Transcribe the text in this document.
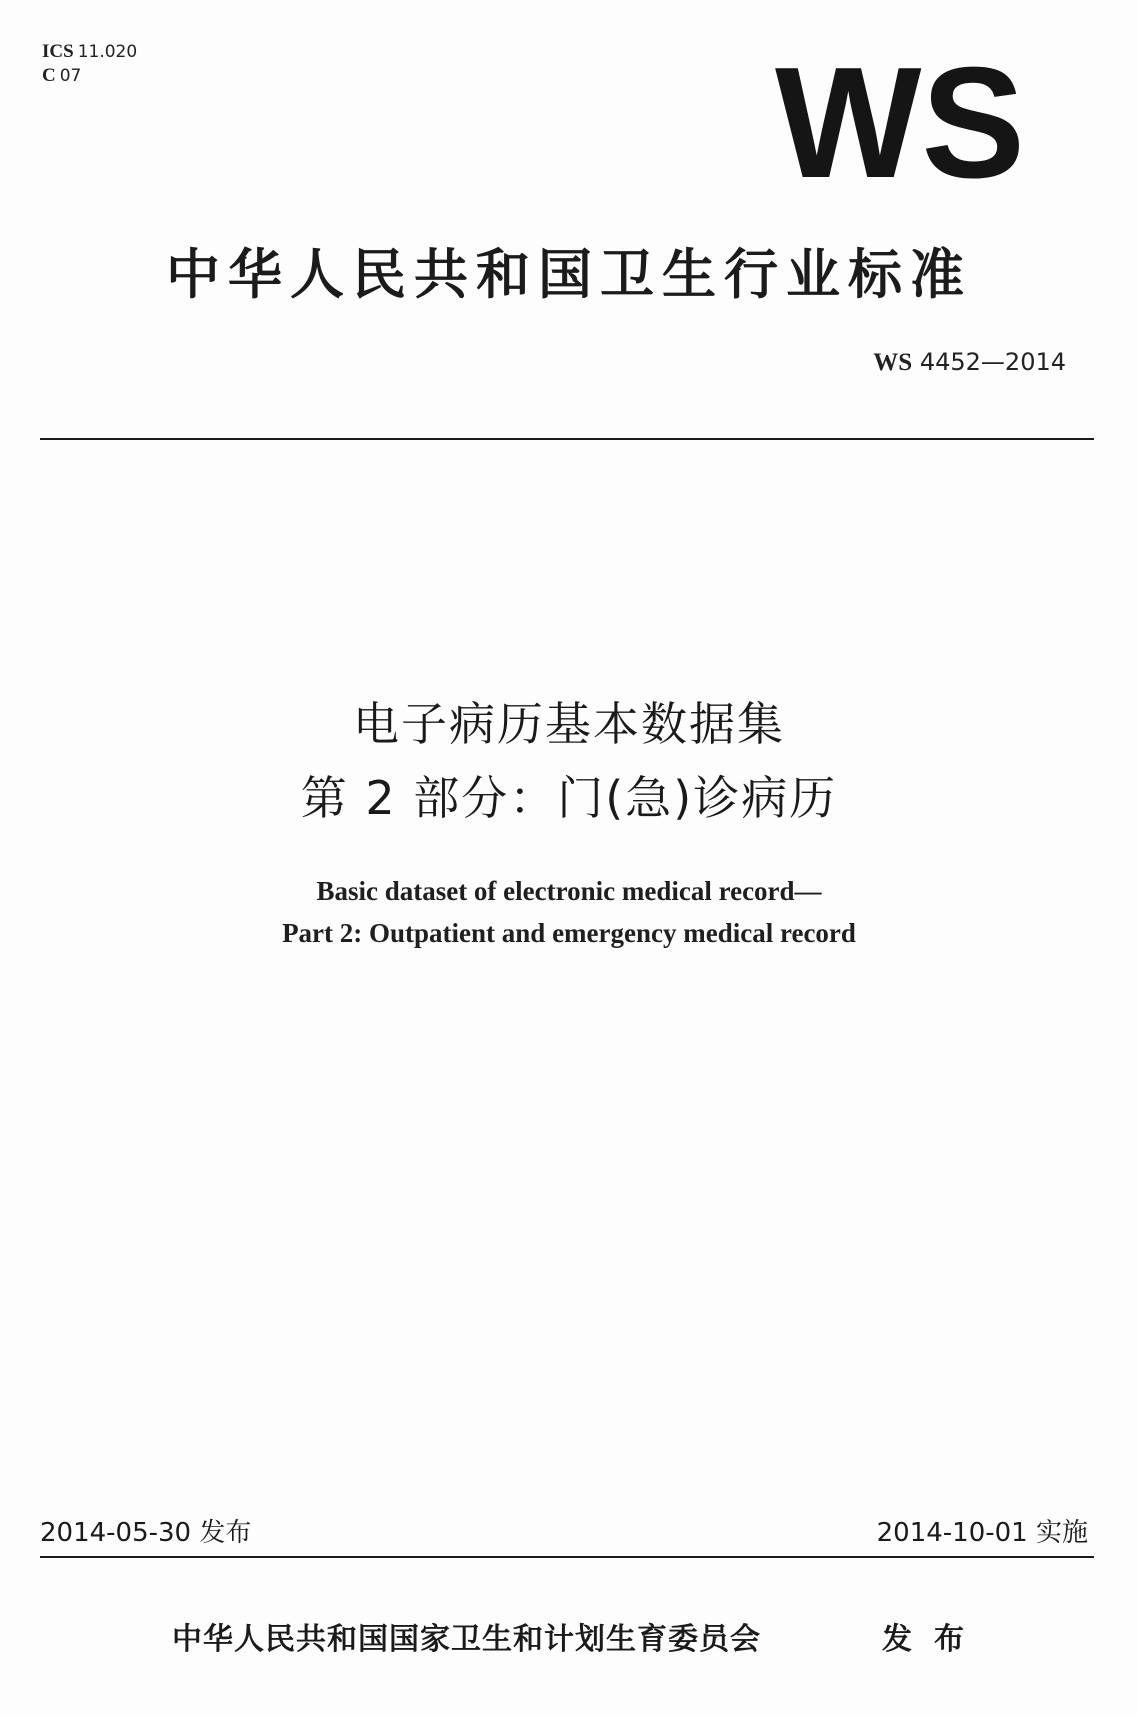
ICS 11.020
C 07	WS
中华人民共和国卫生行业标准
WS 4452—2014
电子病历基本数据集
第 2 部分：门(急)诊病历
Basic dataset of electronic medical record—
Part 2: Outpatient and emergency medical record
2014-05-30 发布	2014-10-01 实施
中华人民共和国国家卫生和计划生育委员会	发布
